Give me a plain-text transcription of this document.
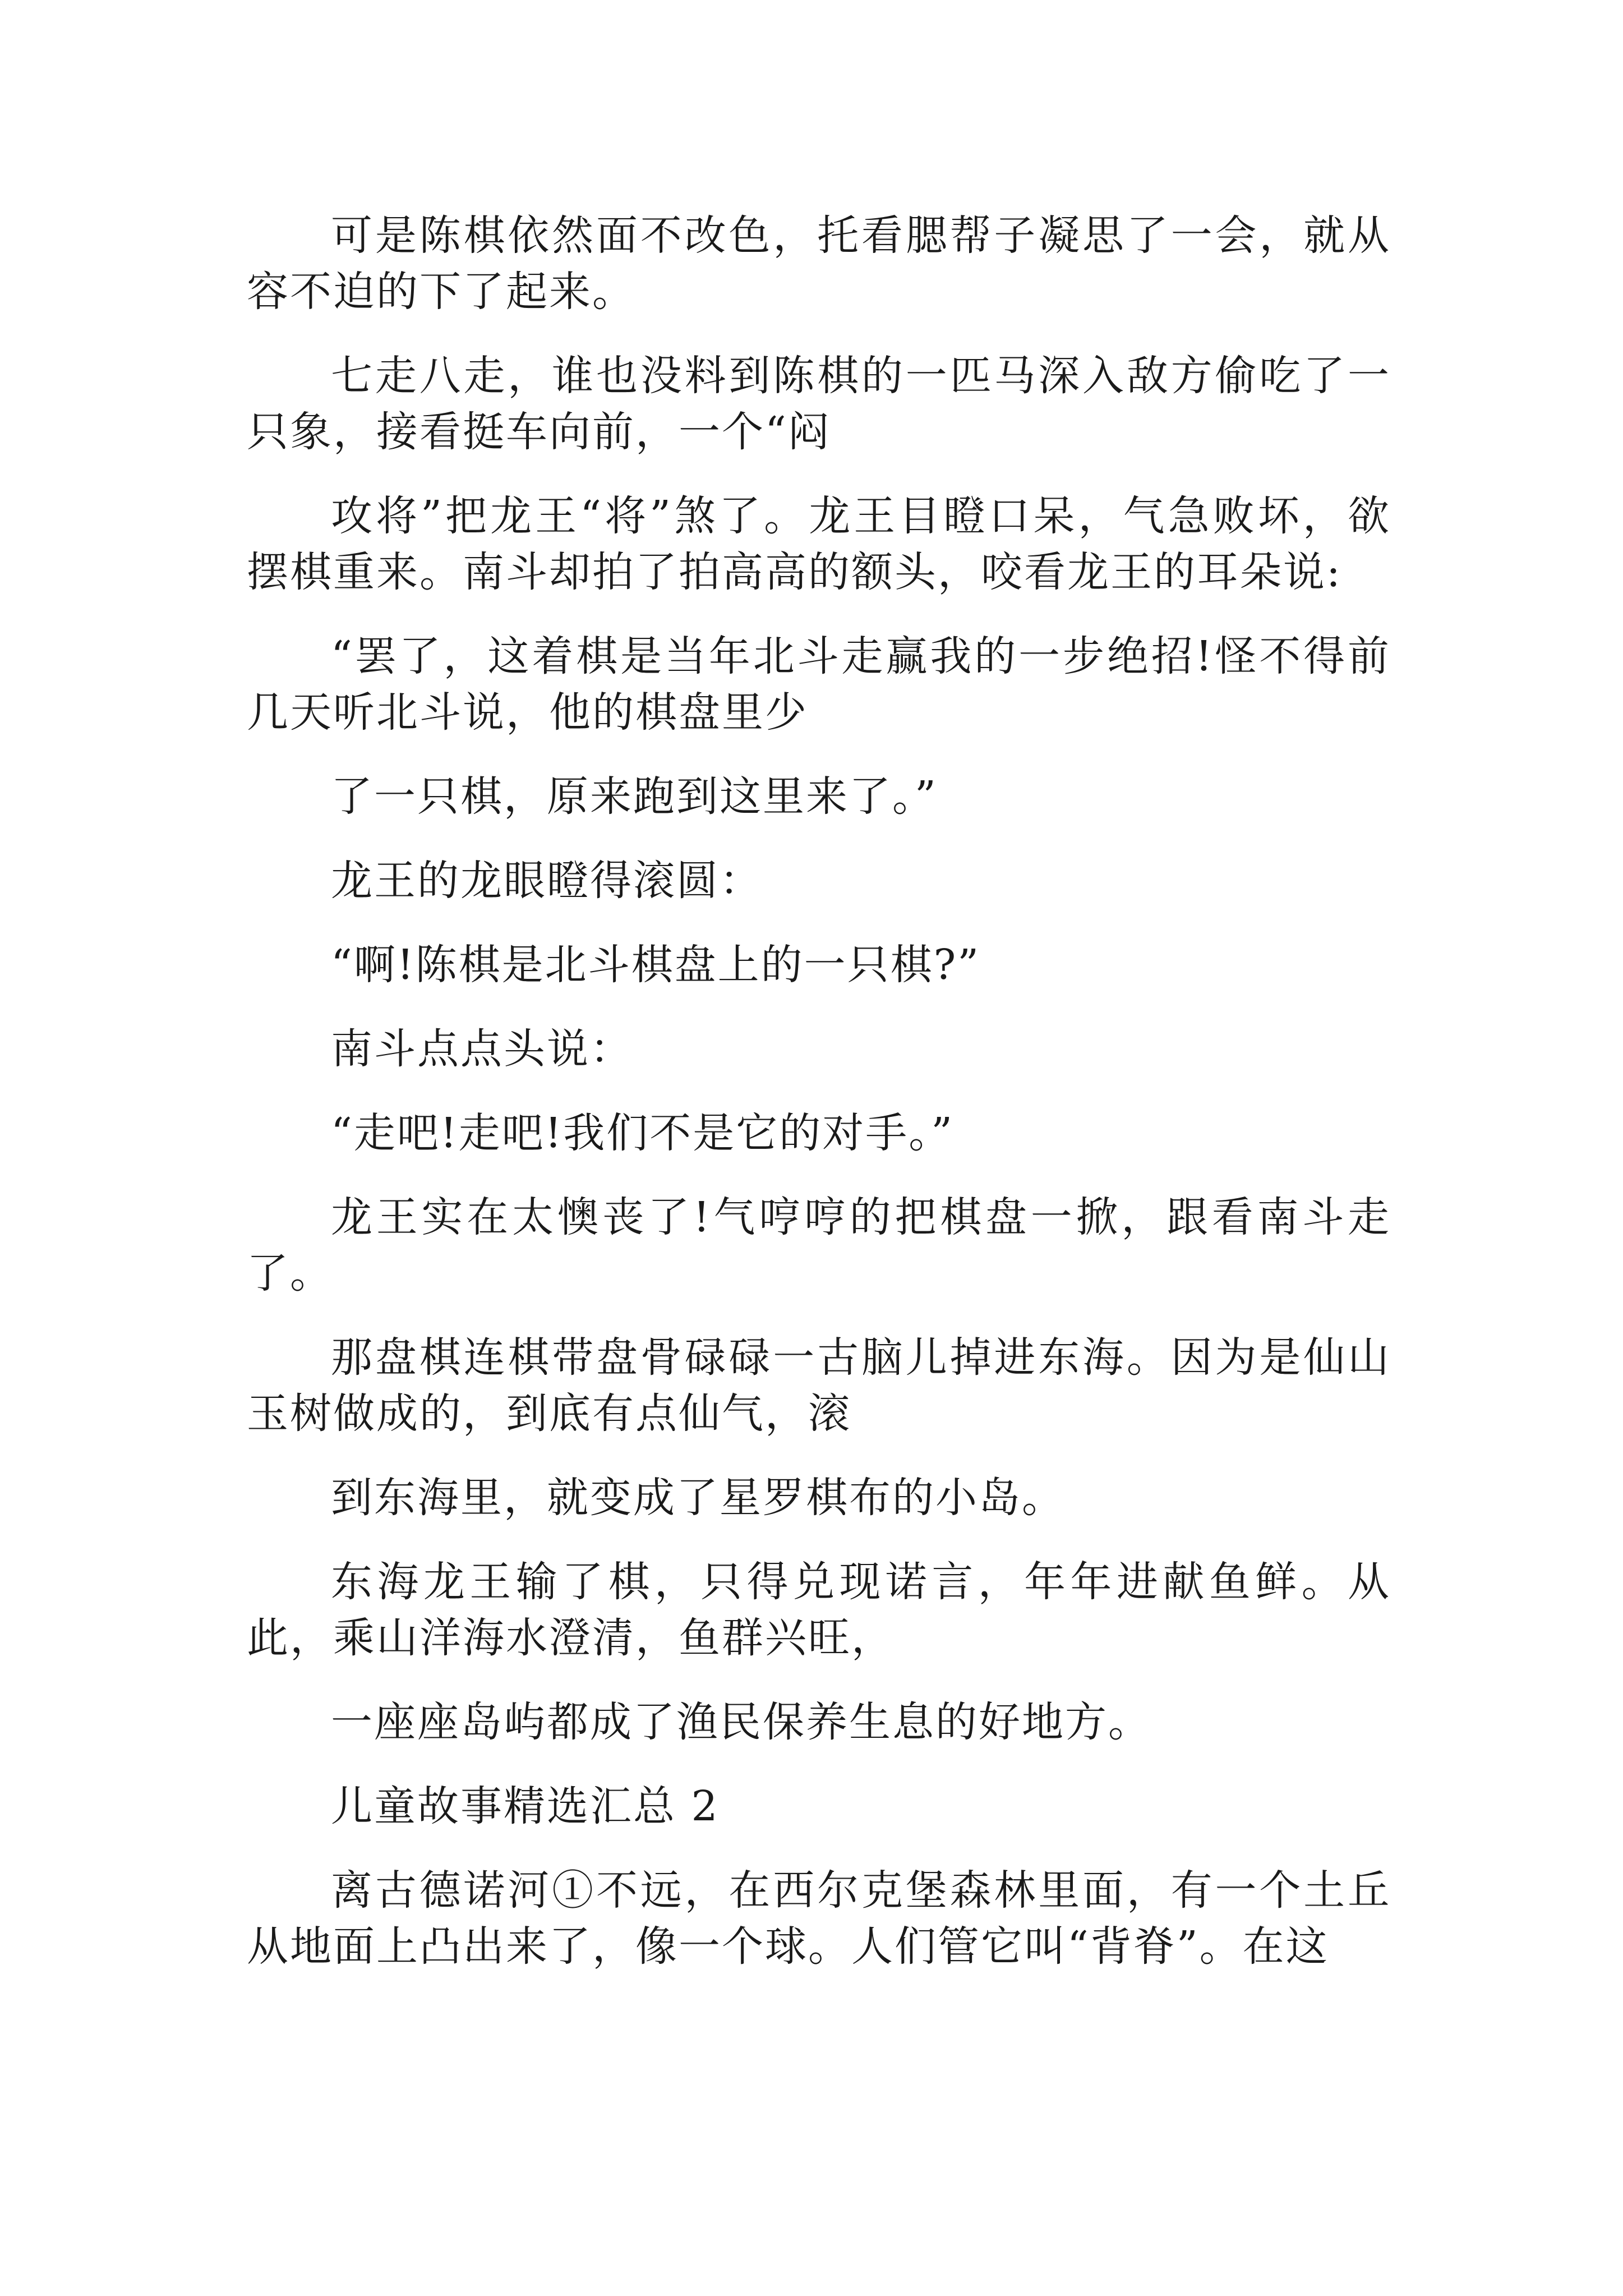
可是陈棋依然面不改色，托看腮帮子凝思了一会，就从容不迫的下了起来。

七走八走，谁也没料到陈棋的一匹马深入敌方偷吃了一只象，接看挺车向前，一个“闷

攻将”把龙王“将”煞了。龙王目瞪口呆，气急败坏，欲摆棋重来。南斗却拍了拍高高的额头，咬看龙王的耳朵说:

“罢了，这着棋是当年北斗走赢我的一步绝招!怪不得前几天听北斗说，他的棋盘里少

了一只棋，原来跑到这里来了。”

龙王的龙眼瞪得滚圆：

“啊!陈棋是北斗棋盘上的一只棋?”

南斗点点头说：

“走吧!走吧!我们不是它的对手。”

龙王实在太懊丧了!气哼哼的把棋盘一掀，跟看南斗走了。

那盘棋连棋带盘骨碌碌一古脑儿掉进东海。因为是仙山玉树做成的，到底有点仙气，滚

到东海里，就变成了星罗棋布的小岛。

东海龙王输了棋，只得兑现诺言，年年进献鱼鲜。从此，乘山洋海水澄清，鱼群兴旺，

一座座岛屿都成了渔民保养生息的好地方。

儿童故事精选汇总 2

离古德诺河①不远，在西尔克堡森林里面，有一个土丘从地面上凸出来了，像一个球。人们管它叫“背脊”。在这
